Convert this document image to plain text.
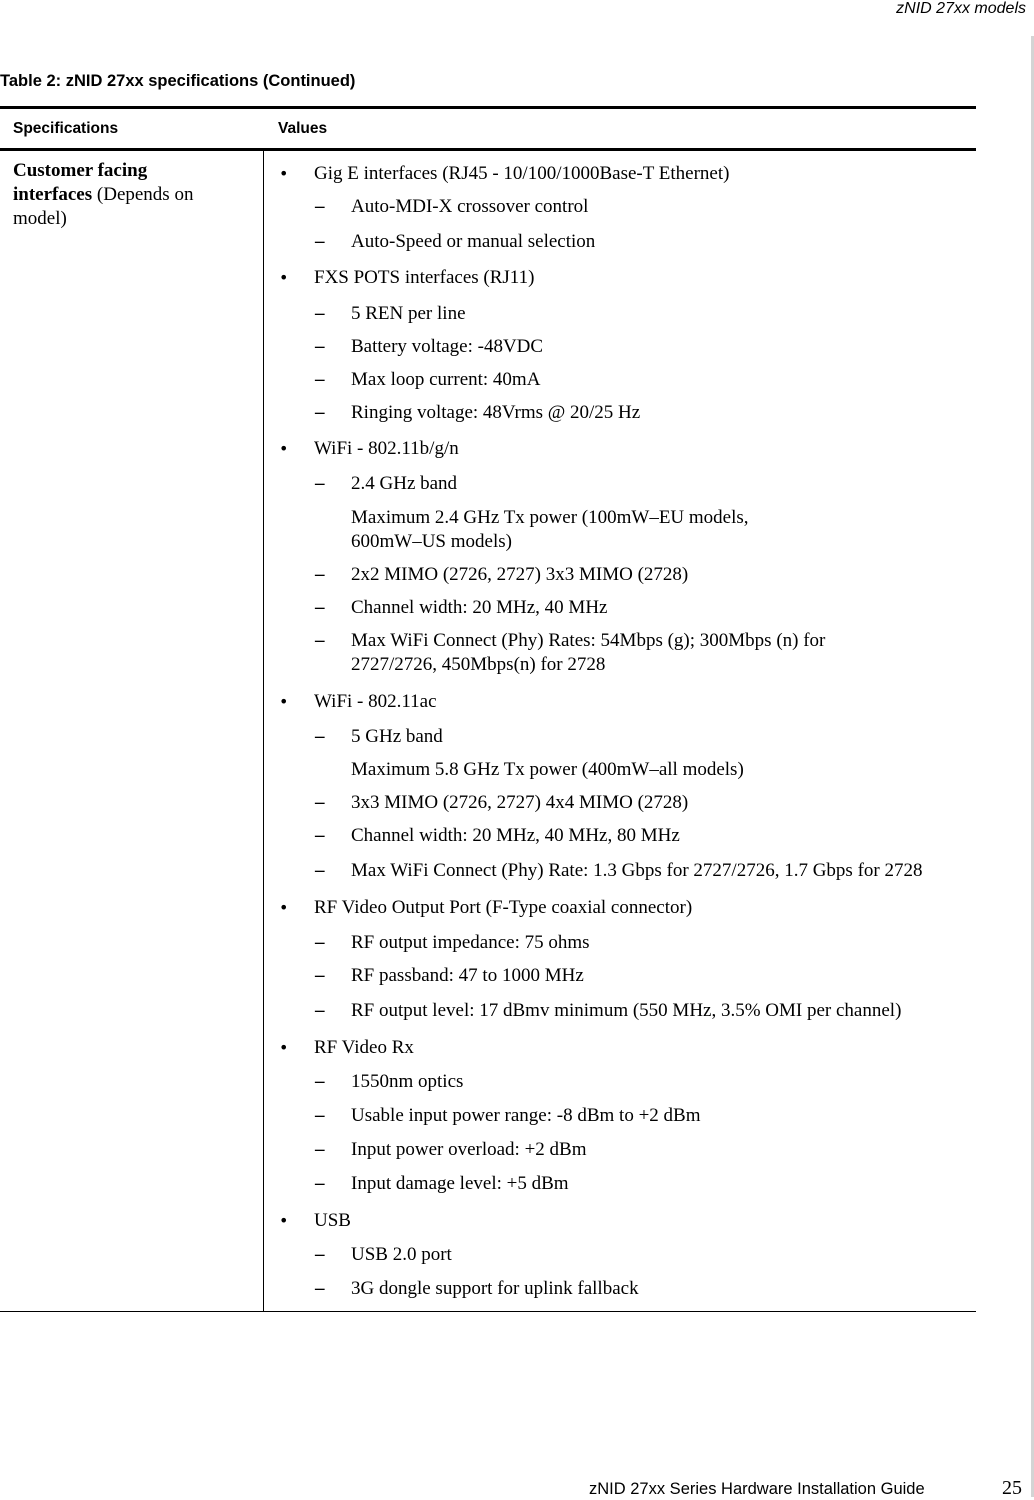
zNID 27xx models
Table 2: zNID 27xx specifications (Continued)
Specifications	Values
Customer facing interfaces (Depends on model)
• Gig E interfaces (RJ45 - 10/100/1000Base-T Ethernet)
– Auto-MDI-X crossover control
– Auto-Speed or manual selection
• FXS POTS interfaces (RJ11)
– 5 REN per line
– Battery voltage: -48VDC
– Max loop current: 40mA
– Ringing voltage: 48Vrms @ 20/25 Hz
• WiFi - 802.11b/g/n
– 2.4 GHz band
Maximum 2.4 GHz Tx power (100mW–EU models, 600mW–US models)
– 2x2 MIMO (2726, 2727) 3x3 MIMO (2728)
– Channel width: 20 MHz, 40 MHz
– Max WiFi Connect (Phy) Rates: 54Mbps (g); 300Mbps (n) for 2727/2726, 450Mbps(n) for 2728
• WiFi - 802.11ac
– 5 GHz band
Maximum 5.8 GHz Tx power (400mW–all models)
– 3x3 MIMO (2726, 2727) 4x4 MIMO (2728)
– Channel width: 20 MHz, 40 MHz, 80 MHz
– Max WiFi Connect (Phy) Rate: 1.3 Gbps for 2727/2726, 1.7 Gbps for 2728
• RF Video Output Port (F-Type coaxial connector)
– RF output impedance: 75 ohms
– RF passband: 47 to 1000 MHz
– RF output level: 17 dBmv minimum (550 MHz, 3.5% OMI per channel)
• RF Video Rx
– 1550nm optics
– Usable input power range: -8 dBm to +2 dBm
– Input power overload: +2 dBm
– Input damage level: +5 dBm
• USB
– USB 2.0 port
– 3G dongle support for uplink fallback
zNID 27xx Series Hardware Installation Guide	25
